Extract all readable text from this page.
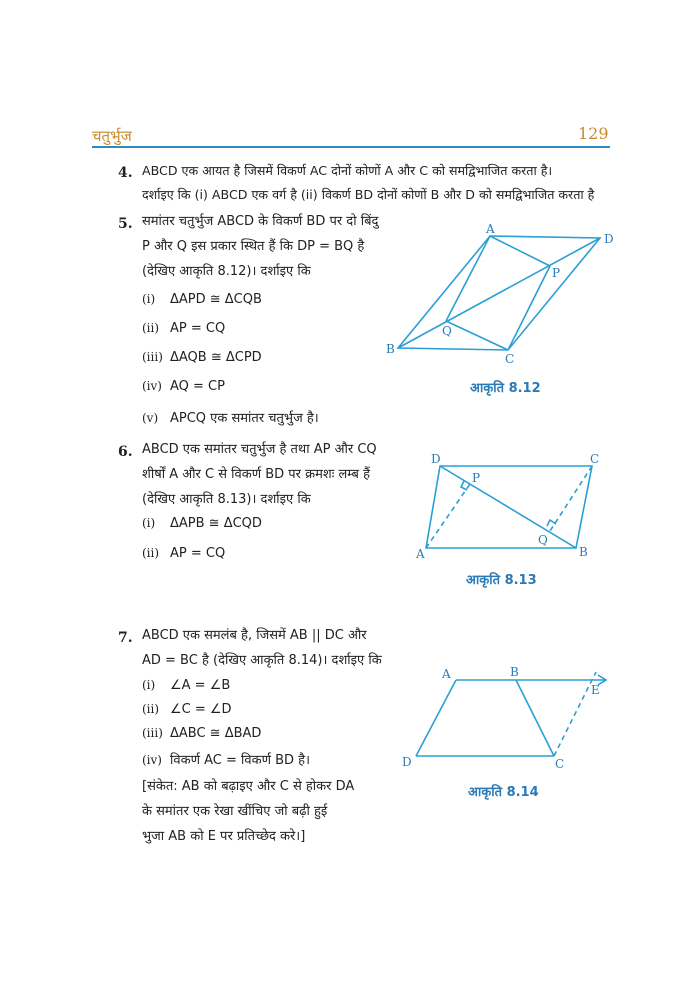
चतुर्भुज	129
4. ABCD एक आयत है जिसमें विकर्ण AC दोनों कोणों A और C को समद्विभाजित करता है।
दर्शाइए कि (i) ABCD एक वर्ग है (ii) विकर्ण BD दोनों कोणों B और D को समद्विभाजित करता है
5. समांतर चतुर्भुज ABCD के विकर्ण BD पर दो बिंदु
P और Q इस प्रकार स्थित हैं कि DP = BQ है
(देखिए आकृति 8.12)। दर्शाइए कि
(i) ΔAPD ≅ ΔCQB
(ii) AP = CQ
(iii) ΔAQB ≅ ΔCPD
(iv) AQ = CP
(v) APCQ एक समांतर चतुर्भुज है।
A
D
B
C
P
Q
आकृति 8.12
6. ABCD एक समांतर चतुर्भुज है तथा AP और CQ
शीर्षों A और C से विकर्ण BD पर क्रमशः लम्ब हैं
(देखिए आकृति 8.13)। दर्शाइए कि
(i) ΔAPB ≅ ΔCQD
(ii) AP = CQ
D	C
A	B
P
Q
आकृति 8.13
7. ABCD एक समलंब है, जिसमें AB || DC और
AD = BC है (देखिए आकृति 8.14)। दर्शाइए कि
(i) ∠A = ∠B
(ii) ∠C = ∠D
(iii) ΔABC ≅ ΔBAD
(iv) विकर्ण AC = विकर्ण BD है।
[संकेत: AB को बढ़ाइए और C से होकर DA
के समांतर एक रेखा खींचिए जो बढ़ी हुई
भुजा AB को E पर प्रतिच्छेद करे।]
A	B
D	C
E
आकृति 8.14
